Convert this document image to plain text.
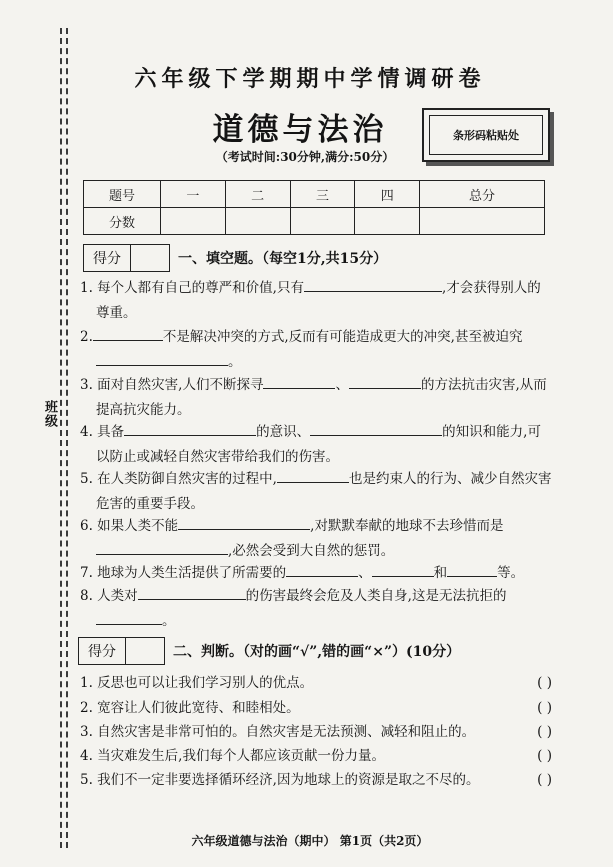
班级
六年级下学期期中学情调研卷
道德与法治
（考试时间:30分钟,满分:50分）
条形码粘贴处
题号	一	二	三	四	总分
分数					
得分	一、填空题。（每空1分,共15分）
1. 每个人都有自己的尊严和价值,只有	,才会获得别人的
尊重。
2.	不是解决冲突的方式,反而有可能造成更大的冲突,甚至被迫究
。
3. 面对自然灾害,人们不断探寻	、	的方法抗击灾害,从而
提高抗灾能力。
4. 具备	的意识、	的知识和能力,可
以防止或减轻自然灾害带给我们的伤害。
5. 在人类防御自然灾害的过程中,	也是约束人的行为、减少自然灾害
危害的重要手段。
6. 如果人类不能	,对默默奉献的地球不去珍惜而是
,必然会受到大自然的惩罚。
7. 地球为人类生活提供了所需要的	、	和	等。
8. 人类对	的伤害最终会危及人类自身,这是无法抗拒的
。
得分	二、判断。（对的画“√”,错的画“×”）(10分）
1. 反思也可以让我们学习别人的优点。	( )
2. 宽容让人们彼此宽待、和睦相处。	( )
3. 自然灾害是非常可怕的。自然灾害是无法预测、减轻和阻止的。	( )
4. 当灾难发生后,我们每个人都应该贡献一份力量。	( )
5. 我们不一定非要选择循环经济,因为地球上的资源是取之不尽的。	( )
六年级道德与法治（期中） 第1页（共2页）
